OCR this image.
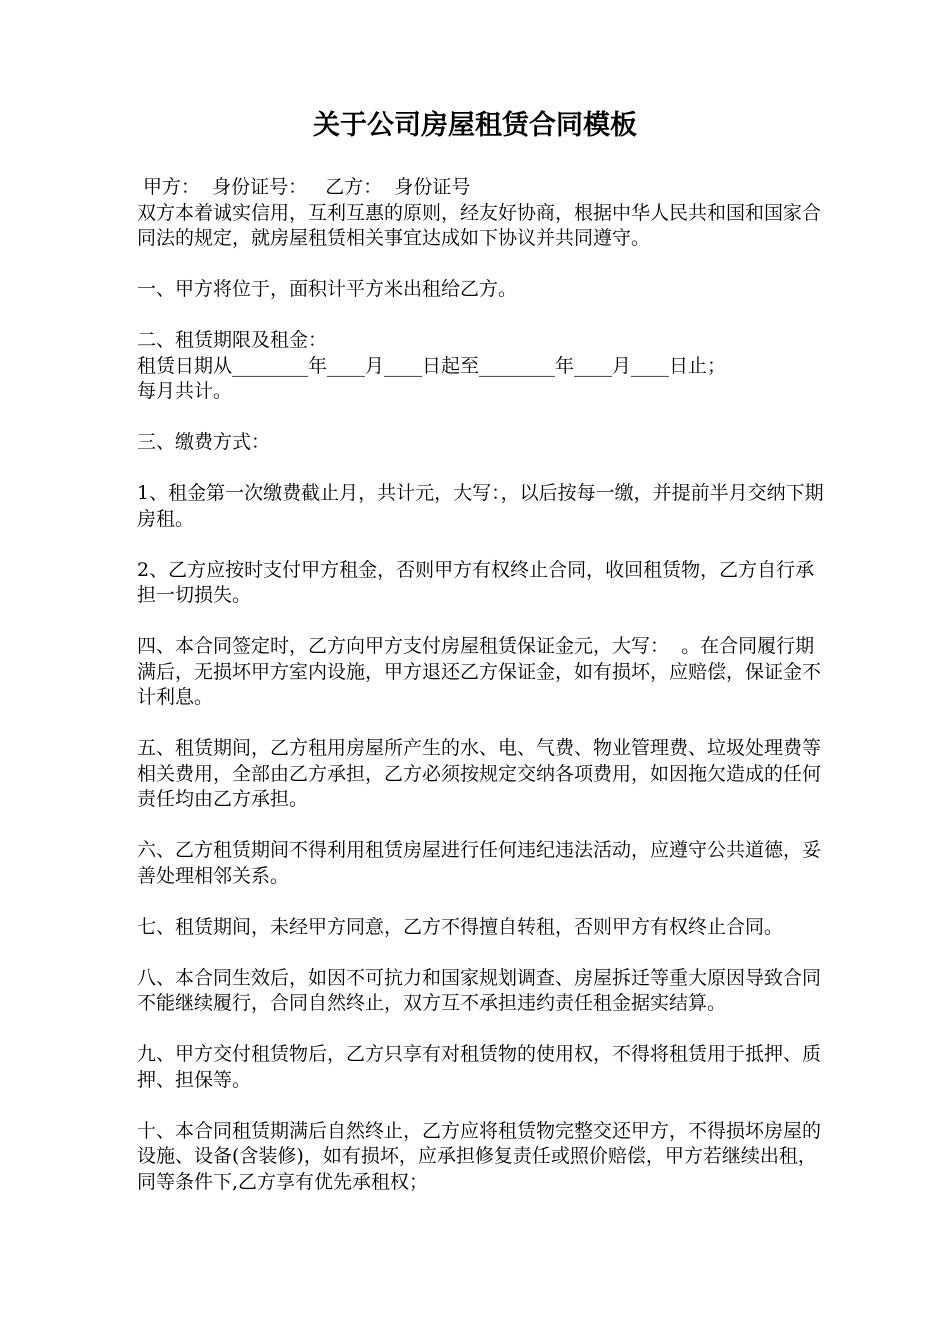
关于公司房屋租赁合同模板
甲方：  身份证号：   乙方：  身份证号
双方本着诚实信用，互利互惠的原则，经友好协商，根据中华人民共和国和国家合同法的规定，就房屋租赁相关事宜达成如下协议并共同遵守。
一、甲方将位于，面积计平方米出租给乙方。
二、租赁期限及租金：
租赁日期从________年____月____日起至________年____月____日止；
每月共计。
三、缴费方式：
1、租金第一次缴费截止月，共计元，大写：，以后按每一缴，并提前半月交纳下期房租。
2、乙方应按时支付甲方租金，否则甲方有权终止合同，收回租赁物，乙方自行承担一切损失。
四、本合同签定时，乙方向甲方支付房屋租赁保证金元，大写：  。在合同履行期满后，无损坏甲方室内设施，甲方退还乙方保证金，如有损坏，应赔偿，保证金不计利息。
五、租赁期间，乙方租用房屋所产生的水、电、气费、物业管理费、垃圾处理费等相关费用，全部由乙方承担，乙方必须按规定交纳各项费用，如因拖欠造成的任何责任均由乙方承担。
六、乙方租赁期间不得利用租赁房屋进行任何违纪违法活动，应遵守公共道德，妥善处理相邻关系。
七、租赁期间，未经甲方同意，乙方不得擅自转租，否则甲方有权终止合同。
八、本合同生效后，如因不可抗力和国家规划调查、房屋拆迁等重大原因导致合同不能继续履行，合同自然终止，双方互不承担违约责任租金据实结算。
九、甲方交付租赁物后，乙方只享有对租赁物的使用权，不得将租赁用于抵押、质押、担保等。
十、本合同租赁期满后自然终止，乙方应将租赁物完整交还甲方，不得损坏房屋的设施、设备(含装修)，如有损坏，应承担修复责任或照价赔偿，甲方若继续出租，同等条件下,乙方享有优先承租权；
